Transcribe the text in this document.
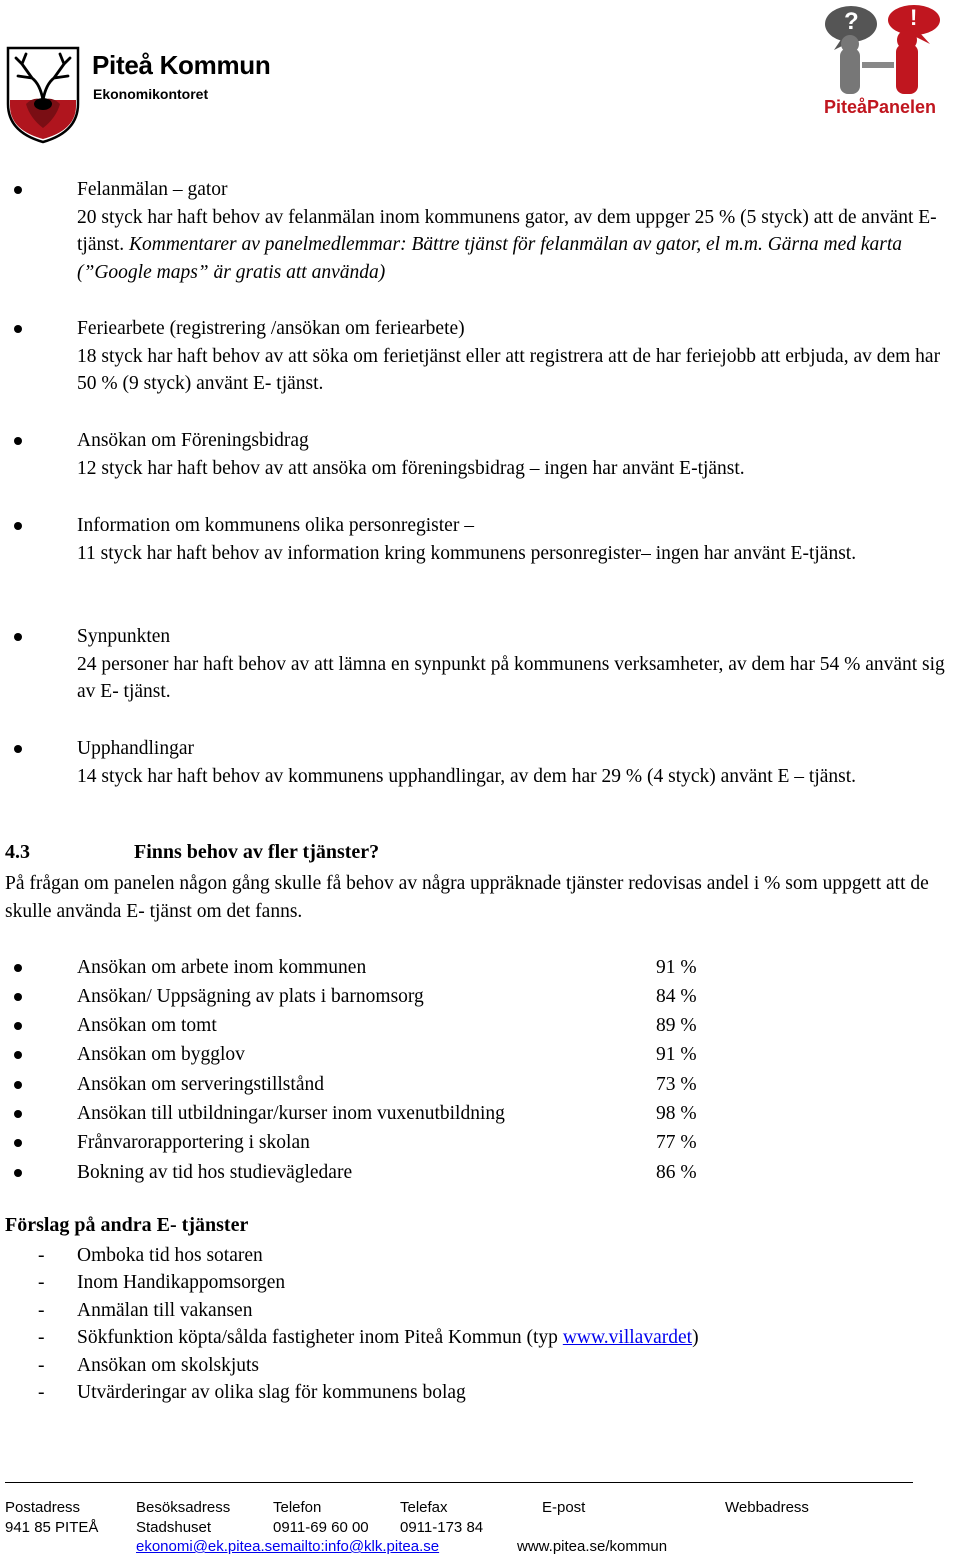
Piteå Kommun
Ekonomikontoret
? !
PiteåPanelen
Felanmälan – gator
20 styck har haft behov av felanmälan inom kommunens gator, av dem uppger 25 % (5 styck) att de använt E- tjänst. Kommentarer av panelmedlemmar: Bättre tjänst för felanmälan av gator, el m.m. Gärna med karta (”Google maps” är gratis att använda)
Feriearbete (registrering /ansökan om feriearbete)
18 styck har haft behov av att söka om ferietjänst eller att registrera att de har feriejobb att erbjuda, av dem har 50 % (9 styck) använt E- tjänst.
Ansökan om Föreningsbidrag
12 styck har haft behov av att ansöka om föreningsbidrag – ingen har använt E-tjänst.
Information om kommunens olika personregister –
11 styck har haft behov av information kring kommunens personregister– ingen har använt E-tjänst.
Synpunkten
24 personer har haft behov av att lämna en synpunkt på kommunens verksamheter, av dem har 54 % använt sig av E- tjänst.
Upphandlingar
14 styck har haft behov av kommunens upphandlingar, av dem har 29 % (4 styck) använt E – tjänst.
4.3	Finns behov av fler tjänster?
På frågan om panelen någon gång skulle få behov av några uppräknade tjänster redovisas andel i % som uppgett att de skulle använda E- tjänst om det fanns.
Ansökan om arbete inom kommunen	91 %
Ansökan/ Uppsägning av plats i barnomsorg	84 %
Ansökan om tomt	89 %
Ansökan om bygglov	91 %
Ansökan om serveringstillstånd	73 %
Ansökan till utbildningar/kurser inom vuxenutbildning	98 %
Frånvarorapportering i skolan	77 %
Bokning av tid hos studievägledare	86 %
Förslag på andra E- tjänster
- Omboka tid hos sotaren
- Inom Handikappomsorgen
- Anmälan till vakansen
- Sökfunktion köpta/sålda fastigheter inom Piteå Kommun (typ www.villavardet)
- Ansökan om skolskjuts
- Utvärderingar av olika slag för kommunens bolag
Postadress
941 85 PITEÅ
Besöksadress
Stadshuset
Telefon
0911-69 60 00
Telefax
0911-173 84
E-post
ekonomi@ek.pitea.semailto:info@klk.pitea.se
Webbadress
www.pitea.se/kommun
